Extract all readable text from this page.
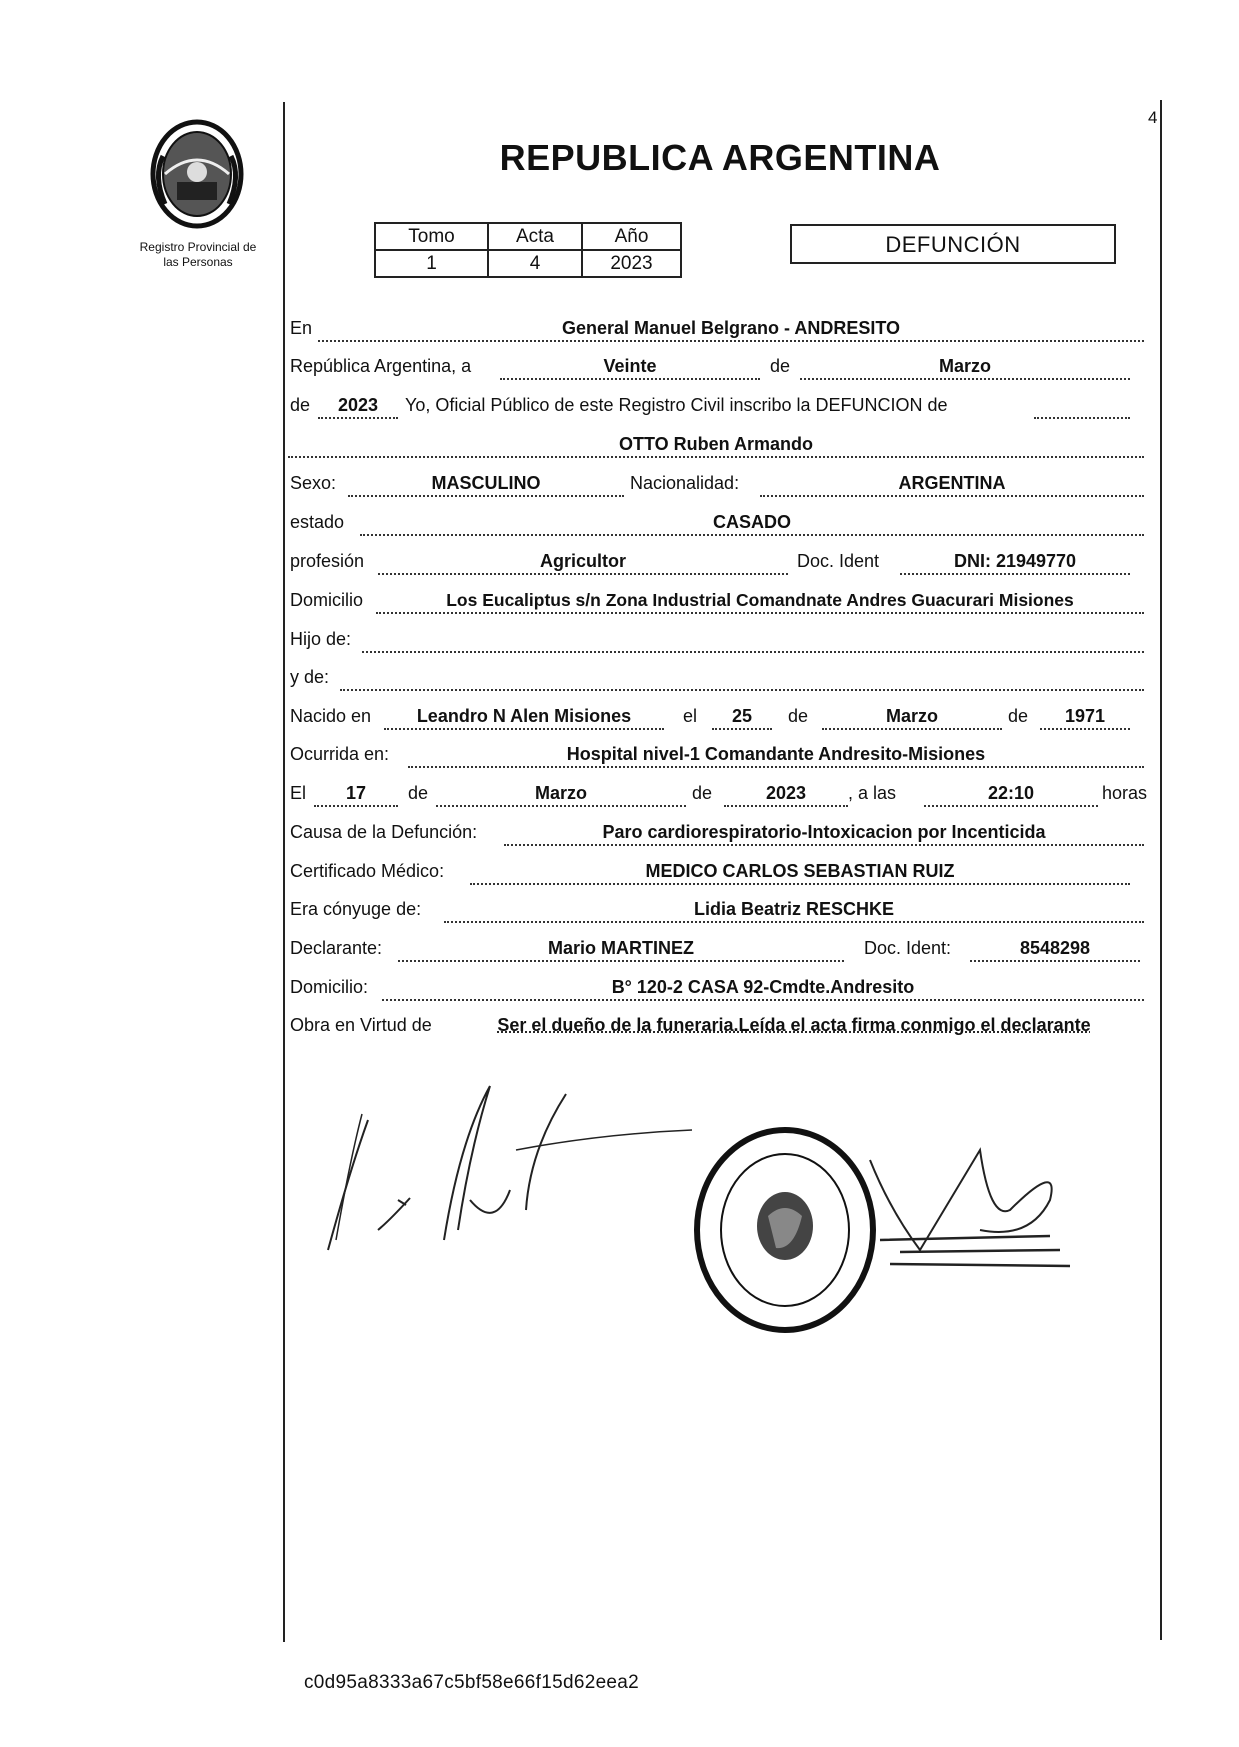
Registro Provincial de
las Personas
4
REPUBLICA ARGENTINA
Tomo	Acta	Año
1	4	2023
DEFUNCIÓN
En	General Manuel Belgrano - ANDRESITO
República Argentina, a	Veinte	de	Marzo
de	2023	Yo, Oficial Público de este Registro Civil inscribo la DEFUNCION de
OTTO Ruben Armando
Sexo:	MASCULINO	Nacionalidad:	ARGENTINA
estado	CASADO
profesión	Agricultor	Doc. Ident	DNI: 21949770
Domicilio	Los Eucaliptus s/n Zona Industrial Comandnate Andres Guacurari Misiones
Hijo de:
y de:
Nacido en	Leandro N Alen Misiones	el	25	de	Marzo	de	1971
Ocurrida en:	Hospital nivel-1 Comandante Andresito-Misiones
El	17	de	Marzo	de	2023	, a las	22:10	horas
Causa de la Defunción:	Paro cardiorespiratorio-Intoxicacion por Incenticida
Certificado Médico:	MEDICO CARLOS SEBASTIAN RUIZ
Era cónyuge de:	Lidia Beatriz RESCHKE
Declarante:	Mario MARTINEZ	Doc. Ident:	8548298
Domicilio:	B° 120-2 CASA 92-Cmdte.Andresito
Obra en Virtud de	Ser el dueño de la funeraria.Leída el acta firma conmigo el declarante
c0d95a8333a67c5bf58e66f15d62eea2
